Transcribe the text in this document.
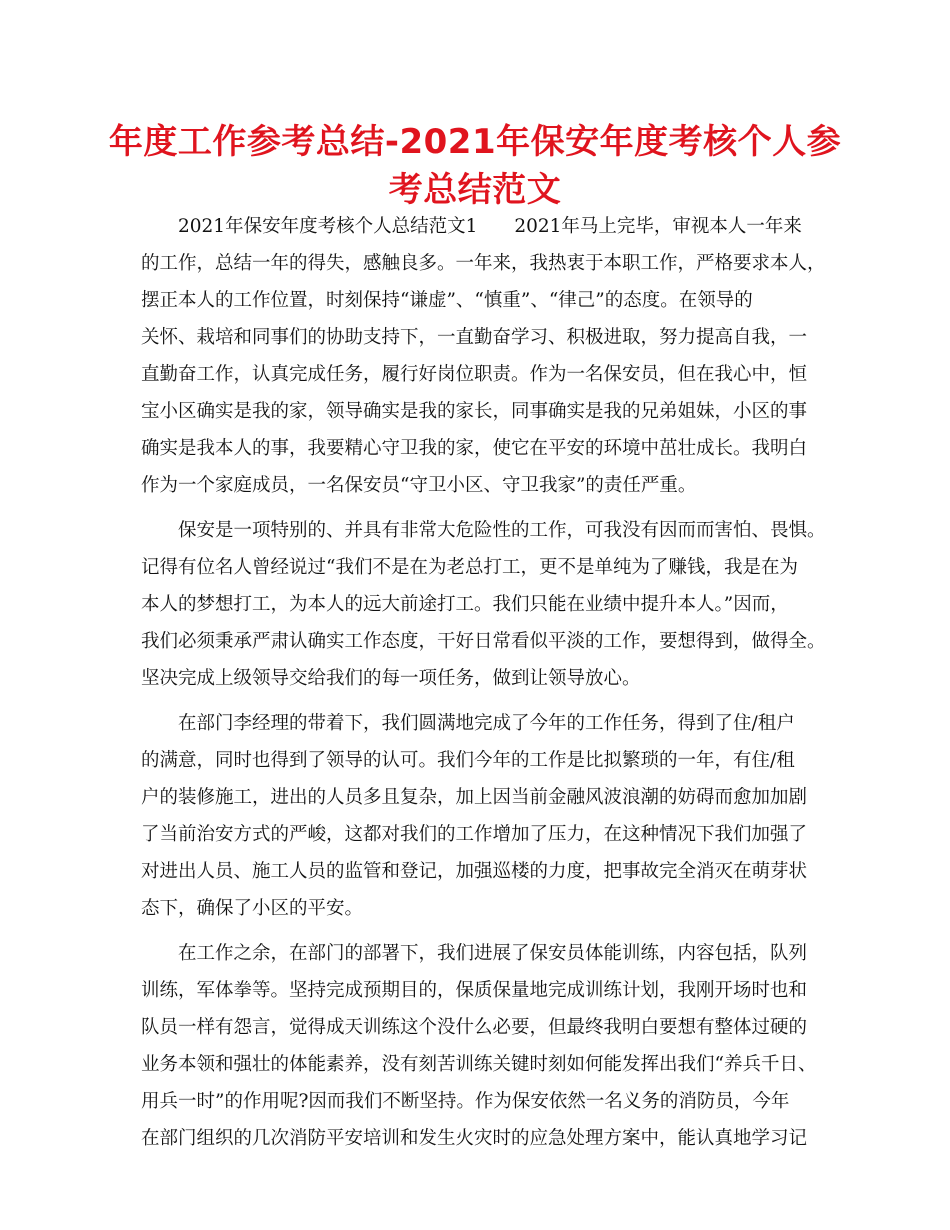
年度工作参考总结-2021年保安年度考核个人参
考总结范文
2021年保安年度考核个人总结范文1　　2021年马上完毕，审视本人一年来
的工作，总结一年的得失，感触良多。一年来，我热衷于本职工作，严格要求本人，
摆正本人的工作位置，时刻保持“谦虚”、“慎重”、“律己”的态度。在领导的
关怀、栽培和同事们的协助支持下，一直勤奋学习、积极进取，努力提高自我，一
直勤奋工作，认真完成任务，履行好岗位职责。作为一名保安员，但在我心中，恒
宝小区确实是我的家，领导确实是我的家长，同事确实是我的兄弟姐妹，小区的事
确实是我本人的事，我要精心守卫我的家，使它在平安的环境中茁壮成长。我明白
作为一个家庭成员，一名保安员“守卫小区、守卫我家”的责任严重。
保安是一项特别的、并具有非常大危险性的工作，可我没有因而而害怕、畏惧。
记得有位名人曾经说过“我们不是在为老总打工，更不是单纯为了赚钱，我是在为
本人的梦想打工，为本人的远大前途打工。我们只能在业绩中提升本人。”因而，
我们必须秉承严肃认确实工作态度，干好日常看似平淡的工作，要想得到，做得全。
坚决完成上级领导交给我们的每一项任务，做到让领导放心。
在部门李经理的带着下，我们圆满地完成了今年的工作任务，得到了住/租户
的满意，同时也得到了领导的认可。我们今年的工作是比拟繁琐的一年，有住/租
户的装修施工，进出的人员多且复杂，加上因当前金融风波浪潮的妨碍而愈加加剧
了当前治安方式的严峻，这都对我们的工作增加了压力，在这种情况下我们加强了
对进出人员、施工人员的监管和登记，加强巡楼的力度，把事故完全消灭在萌芽状
态下，确保了小区的平安。
在工作之余，在部门的部署下，我们进展了保安员体能训练，内容包括，队列
训练，军体拳等。坚持完成预期目的，保质保量地完成训练计划，我刚开场时也和
队员一样有怨言，觉得成天训练这个没什么必要，但最终我明白要想有整体过硬的
业务本领和强壮的体能素养，没有刻苦训练关键时刻如何能发挥出我们“养兵千日、
用兵一时”的作用呢?因而我们不断坚持。作为保安依然一名义务的消防员，今年
在部门组织的几次消防平安培训和发生火灾时的应急处理方案中，能认真地学习记
